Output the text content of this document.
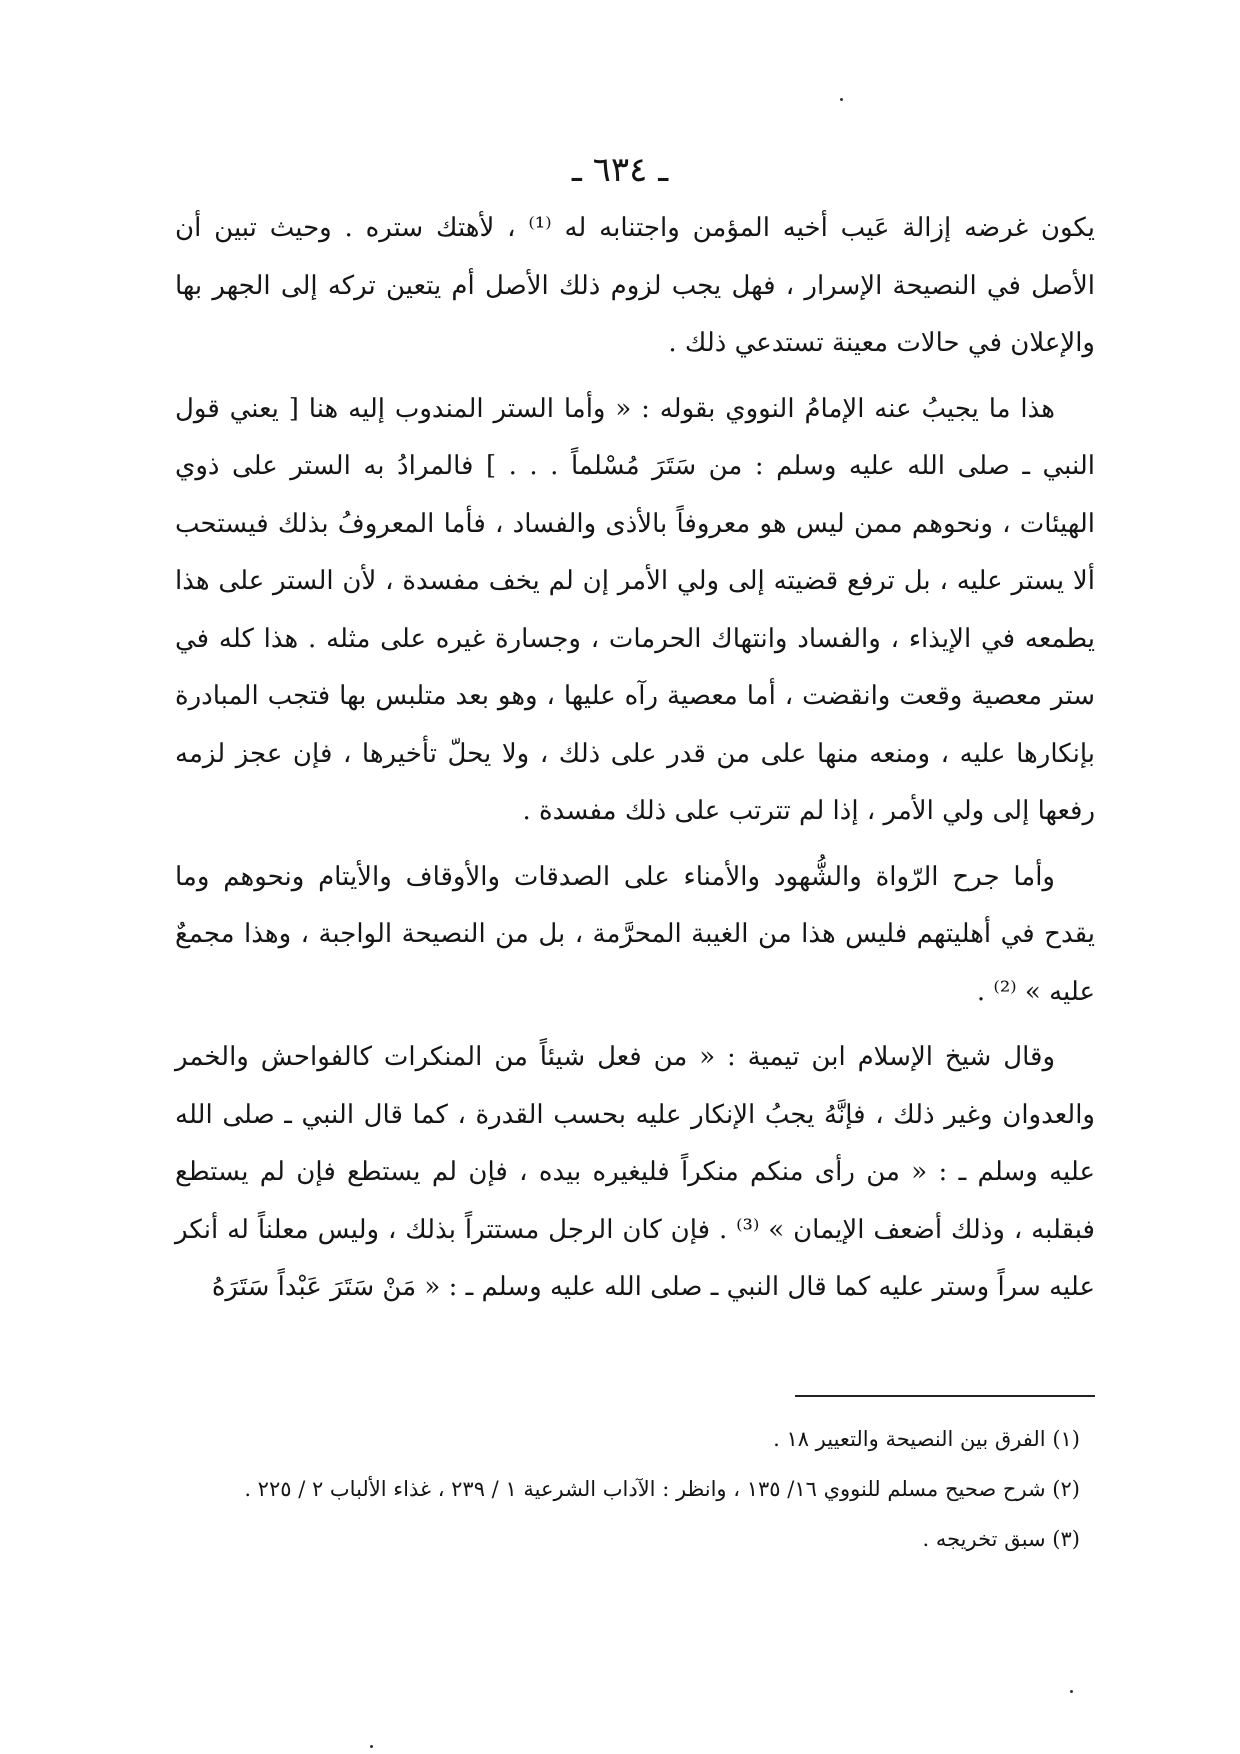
ـ ٦٣٤ ـ

يكون غرضه إزالة عَيب أخيه المؤمن واجتنابه له ⁽¹⁾ ، لأهتك ستره . وحيث تبين أن الأصل في النصيحة الإسرار ، فهل يجب لزوم ذلك الأصل أم يتعين تركه إلى الجهر بها والإعلان في حالات معينة تستدعي ذلك .

هذا ما يجيبُ عنه الإمامُ النووي بقوله : « وأما الستر المندوب إليه هنا [ يعني قول النبي ـ صلى الله عليه وسلم : من سَتَرَ مُسْلماً . . . ] فالمرادُ به الستر على ذوي الهيئات ، ونحوهم ممن ليس هو معروفاً بالأذى والفساد ، فأما المعروفُ بذلك فيستحب ألا يستر عليه ، بل ترفع قضيته إلى ولي الأمر إن لم يخف مفسدة ، لأن الستر على هذا يطمعه في الإيذاء ، والفساد وانتهاك الحرمات ، وجسارة غيره على مثله . هذا كله في ستر معصية وقعت وانقضت ، أما معصية رآه عليها ، وهو بعد متلبس بها فتجب المبادرة بإنكارها عليه ، ومنعه منها على من قدر على ذلك ، ولا يحلّ تأخيرها ، فإن عجز لزمه رفعها إلى ولي الأمر ، إذا لم تترتب على ذلك مفسدة .

وأما جرح الرّواة والشُّهود والأمناء على الصدقات والأوقاف والأيتام ونحوهم وما يقدح في أهليتهم فليس هذا من الغيبة المحرَّمة ، بل من النصيحة الواجبة ، وهذا مجمعٌ عليه » ⁽²⁾ .

وقال شيخ الإسلام ابن تيمية : « من فعل شيئاً من المنكرات كالفواحش والخمر والعدوان وغير ذلك ، فإنَّهُ يجبُ الإنكار عليه بحسب القدرة ، كما قال النبي ـ صلى الله عليه وسلم ـ : « من رأى منكم منكراً فليغيره بيده ، فإن لم يستطع فإن لم يستطع فبقلبه ، وذلك أضعف الإيمان » ⁽³⁾ . فإن كان الرجل مستتراً بذلك ، وليس معلناً له أنكر عليه سراً وستر عليه كما قال النبي ـ صلى الله عليه وسلم ـ : « مَنْ سَتَرَ عَبْداً سَتَرَهُ

(١) الفرق بين النصيحة والتعيير ١٨ .
(٢) شرح صحيح مسلم للنووي ١٦/ ١٣٥ ، وانظر : الآداب الشرعية ١ / ٢٣٩ ، غذاء الألباب ٢ / ٢٢٥ .
(٣) سبق تخريجه .
